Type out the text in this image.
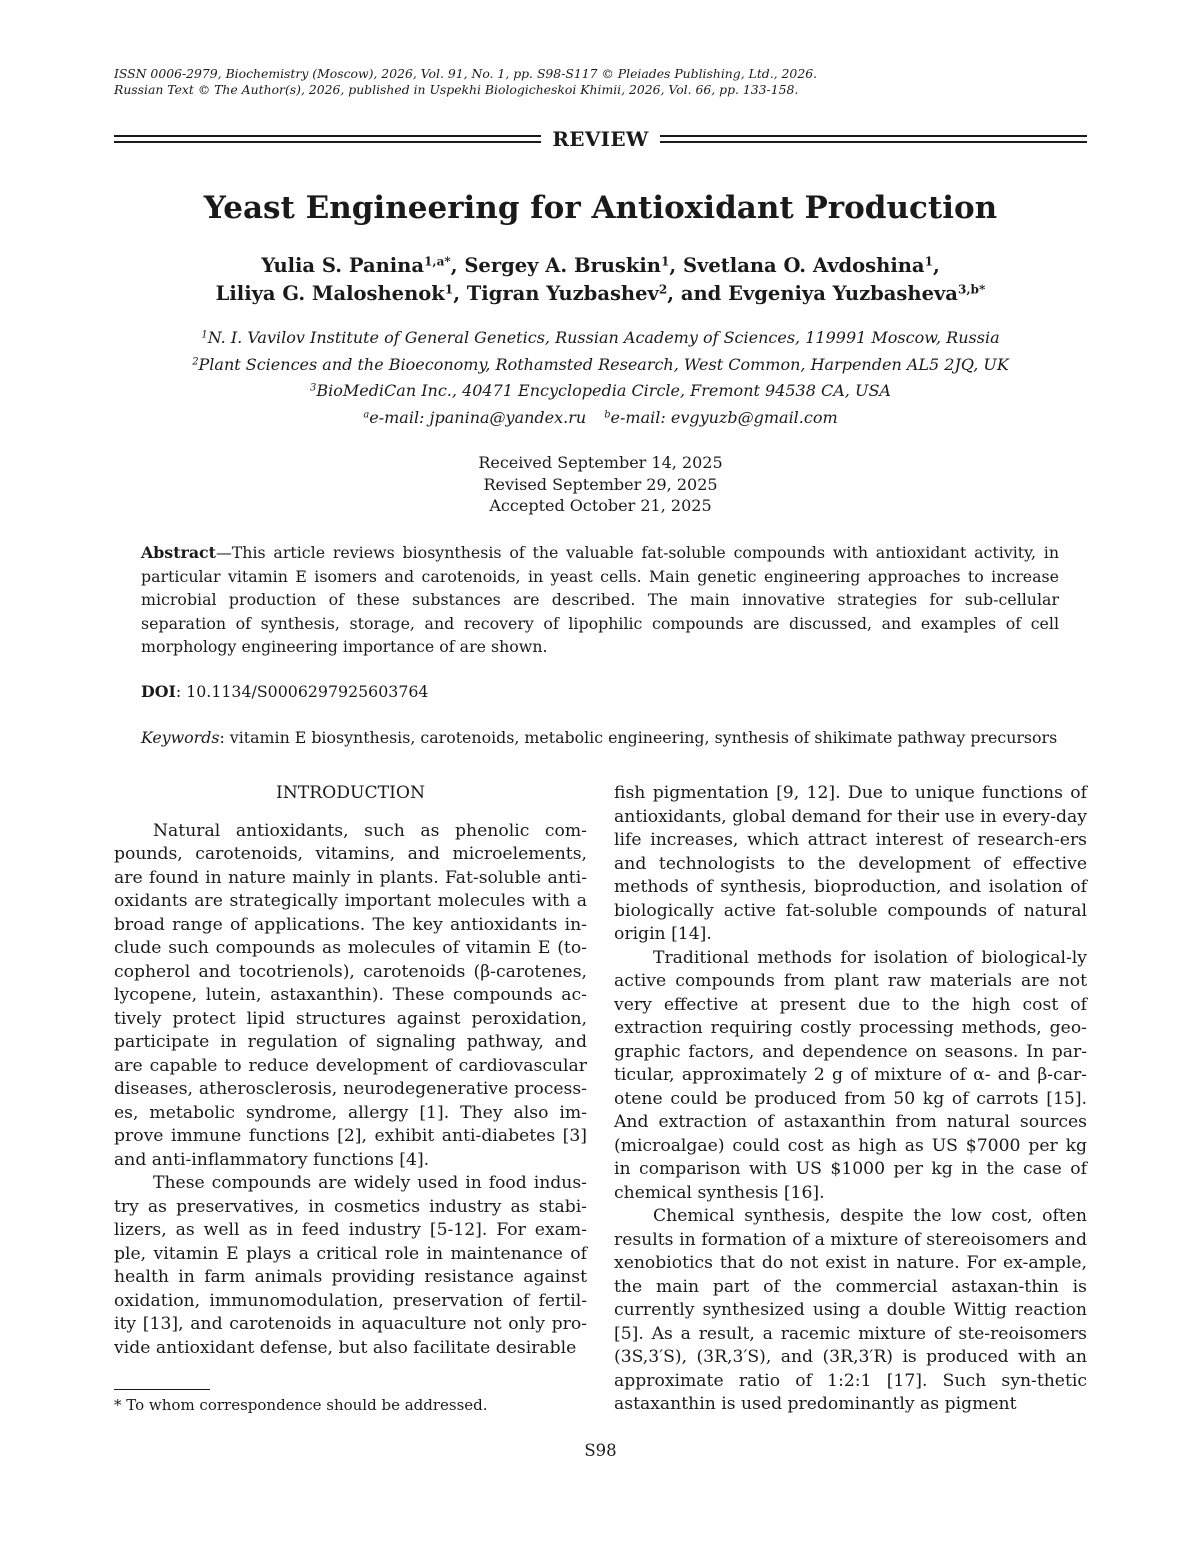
ISSN 0006-2979, Biochemistry (Moscow), 2026, Vol. 91, No. 1, pp. S98-S117 © Pleiades Publishing, Ltd., 2026.
Russian Text © The Author(s), 2026, published in Uspekhi Biologicheskoi Khimii, 2026, Vol. 66, pp. 133-158.
REVIEW
Yeast Engineering for Antioxidant Production
Yulia S. Panina$^{1,a*}$, Sergey A. Bruskin$^1$, Svetlana O. Avdoshina$^1$,
Liliya G. Maloshenok$^1$, Tigran Yuzbashev$^2$, and Evgeniya Yuzbasheva$^{3,b*}$
$^1$N. I. Vavilov Institute of General Genetics, Russian Academy of Sciences, 119991 Moscow, Russia
$^2$Plant Sciences and the Bioeconomy, Rothamsted Research, West Common, Harpenden AL5 2JQ, UK
$^3$BioMediCan Inc., 40471 Encyclopedia Circle, Fremont 94538 CA, USA
$^a$e-mail: jpanina@yandex.ru $^b$e-mail: evgyuzb@gmail.com
Received September 14, 2025
Revised September 29, 2025
Accepted October 21, 2025
Abstract—This article reviews biosynthesis of the valuable fat-soluble compounds with antioxidant activity, in particular vitamin E isomers and carotenoids, in yeast cells. Main genetic engineering approaches to increase microbial production of these substances are described. The main innovative strategies for sub-cellular separation of synthesis, storage, and recovery of lipophilic compounds are discussed, and examples of cell morphology engineering importance of are shown.
DOI: 10.1134/S0006297925603764
Keywords: vitamin E biosynthesis, carotenoids, metabolic engineering, synthesis of shikimate pathway precursors
INTRODUCTION

Natural antioxidants, such as phenolic com-pounds, carotenoids, vitamins, and microelements, are found in nature mainly in plants. Fat-soluble anti-oxidants are strategically important molecules with a broad range of applications. The key antioxidants in-clude such compounds as molecules of vitamin E (to-copherol and tocotrienols), carotenoids (β-carotenes, lycopene, lutein, astaxanthin). These compounds ac-tively protect lipid structures against peroxidation, participate in regulation of signaling pathway, and are capable to reduce development of cardiovascular diseases, atherosclerosis, neurodegenerative process-es, metabolic syndrome, allergy [1]. They also im-prove immune functions [2], exhibit anti-diabetes [3] and anti-inflammatory functions [4].

These compounds are widely used in food indus-try as preservatives, in cosmetics industry as stabi-lizers, as well as in feed industry [5-12]. For exam-ple, vitamin E plays a critical role in maintenance of health in farm animals providing resistance against oxidation, immunomodulation, preservation of fertil-ity [13], and carotenoids in aquaculture not only pro-vide antioxidant defense, but also facilitate desirable

fish pigmentation [9, 12]. Due to unique functions of antioxidants, global demand for their use in every-day life increases, which attract interest of research-ers and technologists to the development of effective methods of synthesis, bioproduction, and isolation of biologically active fat-soluble compounds of natural origin [14].

Traditional methods for isolation of biological-ly active compounds from plant raw materials are not very effective at present due to the high cost of extraction requiring costly processing methods, geo-graphic factors, and dependence on seasons. In par-ticular, approximately 2 g of mixture of α- and β-car-otene could be produced from 50 kg of carrots [15]. And extraction of astaxanthin from natural sources (microalgae) could cost as high as US $7000 per kg in comparison with US $1000 per kg in the case of chemical synthesis [16].

Chemical synthesis, despite the low cost, often results in formation of a mixture of stereoisomers and xenobiotics that do not exist in nature. For ex-ample, the main part of the commercial astaxan-thin is currently synthesized using a double Wittig reaction [5]. As a result, a racemic mixture of ste-reoisomers (3S,3′S), (3R,3′S), and (3R,3′R) is produced with an approximate ratio of 1:2:1 [17]. Such syn-thetic astaxanthin is used predominantly as pigment

* To whom correspondence should be addressed.
S98
